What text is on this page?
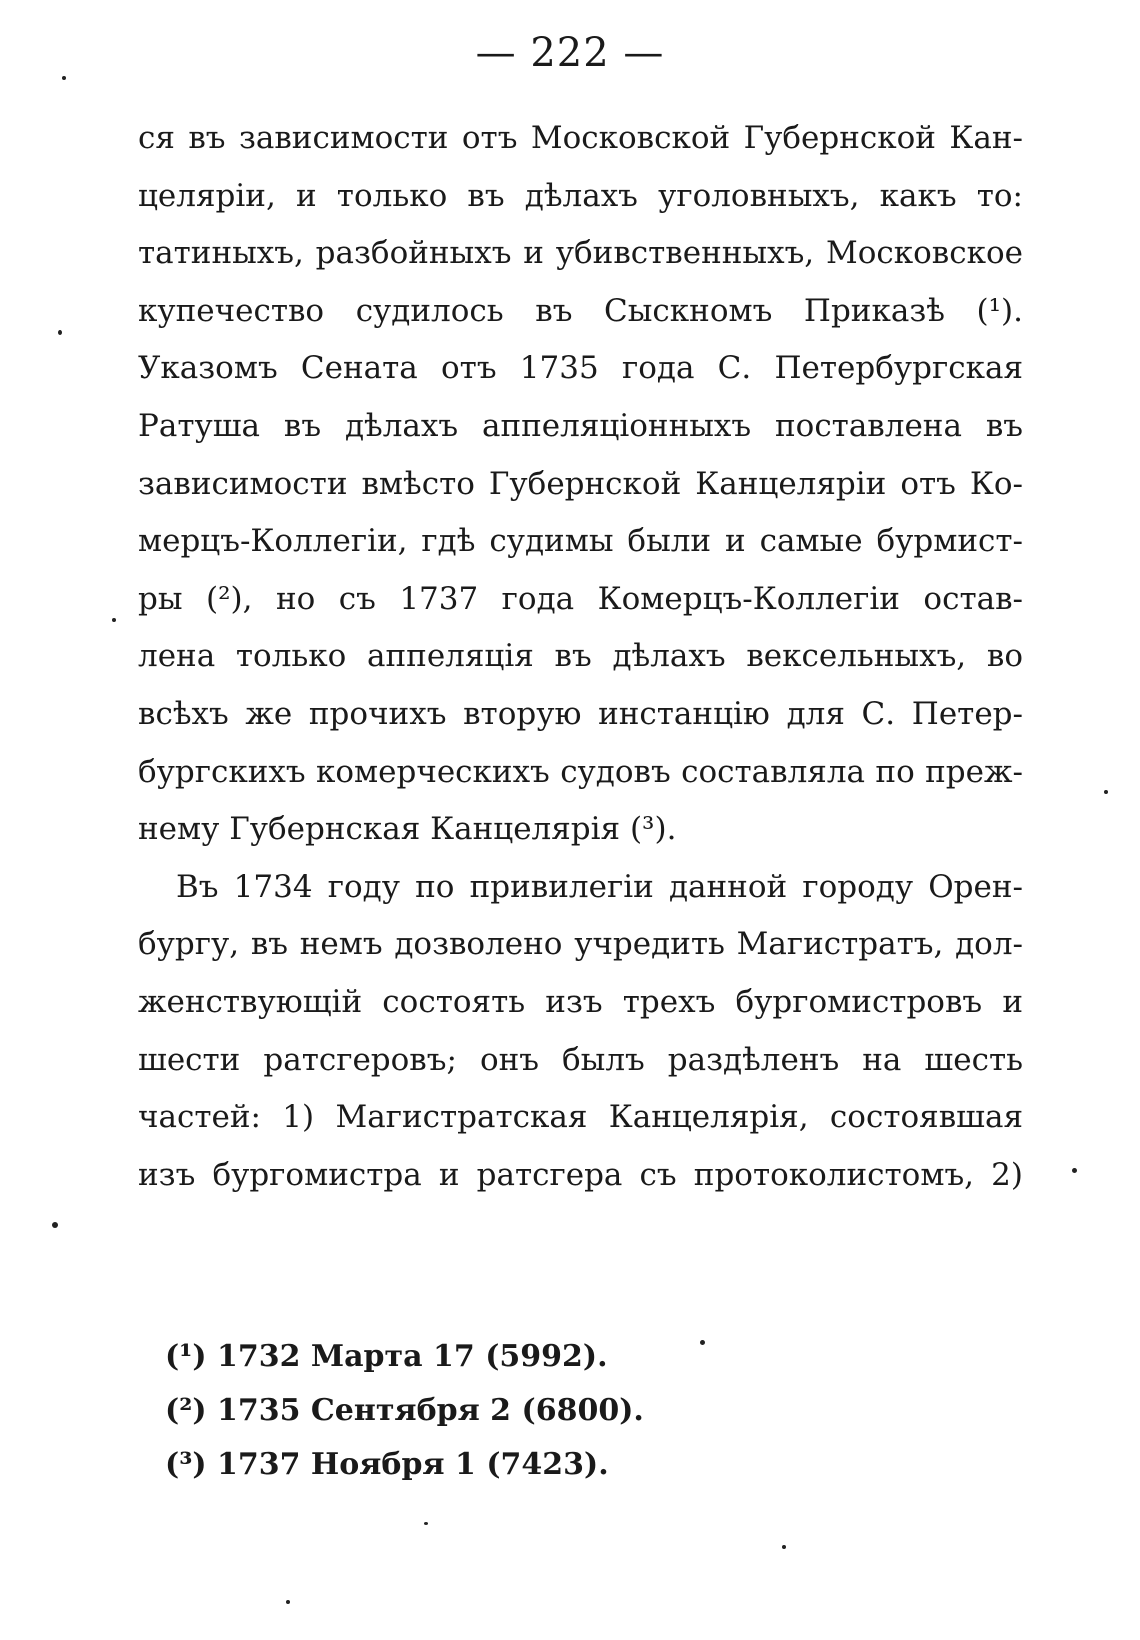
— 222 —
ся въ зависимости отъ Московской Губернской Кан-
целяріи, и только въ дѣлахъ уголовныхъ, какъ то:
татиныхъ, разбойныхъ и убивственныхъ, Московское
купечество судилось въ Сыскномъ Приказѣ (¹).
Указомъ Сената отъ 1735 года С. Петербургская
Ратуша въ дѣлахъ аппеляціонныхъ поставлена въ
зависимости вмѣсто Губернской Канцеляріи отъ Ко-
мерцъ-Коллегіи, гдѣ судимы были и самые бурмист-
ры (²), но съ 1737 года Комерцъ-Коллегіи остав-
лена только аппеляція въ дѣлахъ вексельныхъ, во
всѣхъ же прочихъ вторую инстанцію для С. Петер-
бургскихъ комерческихъ судовъ составляла по преж-
нему Губернская Канцелярія (³).
Въ 1734 году по привилегіи данной городу Орен-
бургу, въ немъ дозволено учредить Магистратъ, дол-
женствующій состоять изъ трехъ бургомистровъ и
шести ратсгеровъ; онъ былъ раздѣленъ на шесть
частей: 1) Магистратская Канцелярія, состоявшая
изъ бургомистра и ратсгера съ протоколистомъ, 2)
(¹) 1732 Марта 17 (5992).
(²) 1735 Сентября 2 (6800).
(³) 1737 Ноября 1 (7423).
